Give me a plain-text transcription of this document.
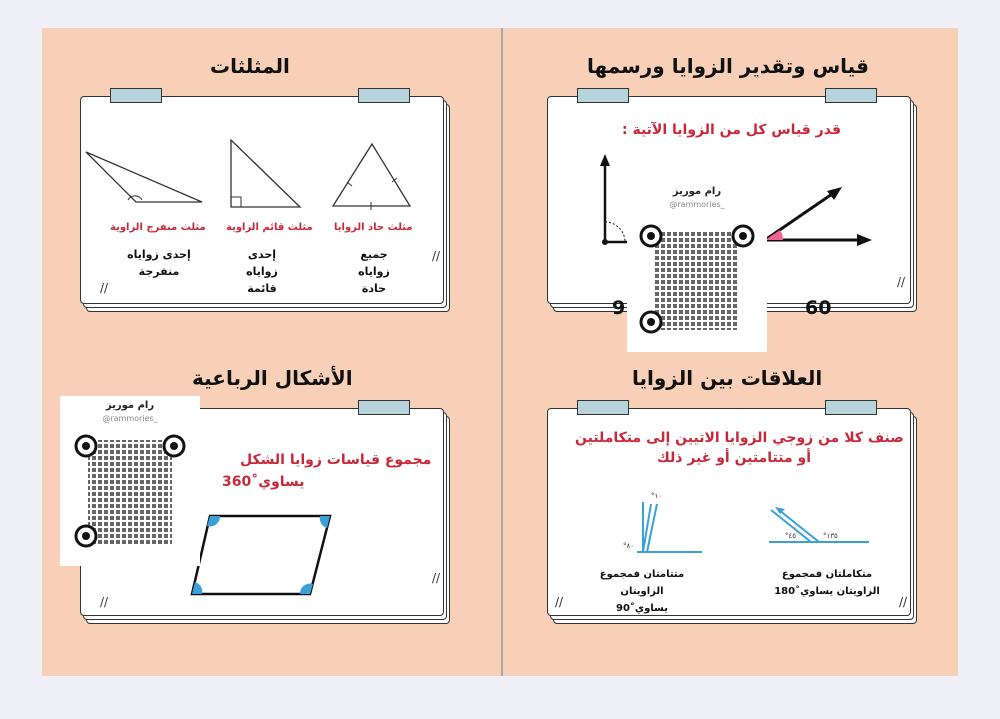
قياس وتقدير الزوايا ورسمها
قدر قياس كل من الزوايا الآتية :
//
9	60
المثلثات
//
//
مثلث حاد الزوايا
مثلث قائم الزاوية
مثلث منفرج الزاوية
جميع زواياه
حادة
إحدى زواياه
قائمة
إحدى زواياه
منفرجة
العلاقات بين الزوايا
صنف كلا من زوجي الزوايا الاتيين إلى متكاملتين
أو متتامتين أو غير ذلك
//	//
°١٣٥
°٤٥
°٨٠
°١٠
متكاملتان فمجموع
الزاويتان يساوي˚180
متتامتان فمجموع الزاويتان
يساوي˚90
الأشكال الرباعية
مجموع قياسات زوايا الشكل
يساوي˚360
//
//
رام موريز
@rammories_
رام موريز
@rammories_
